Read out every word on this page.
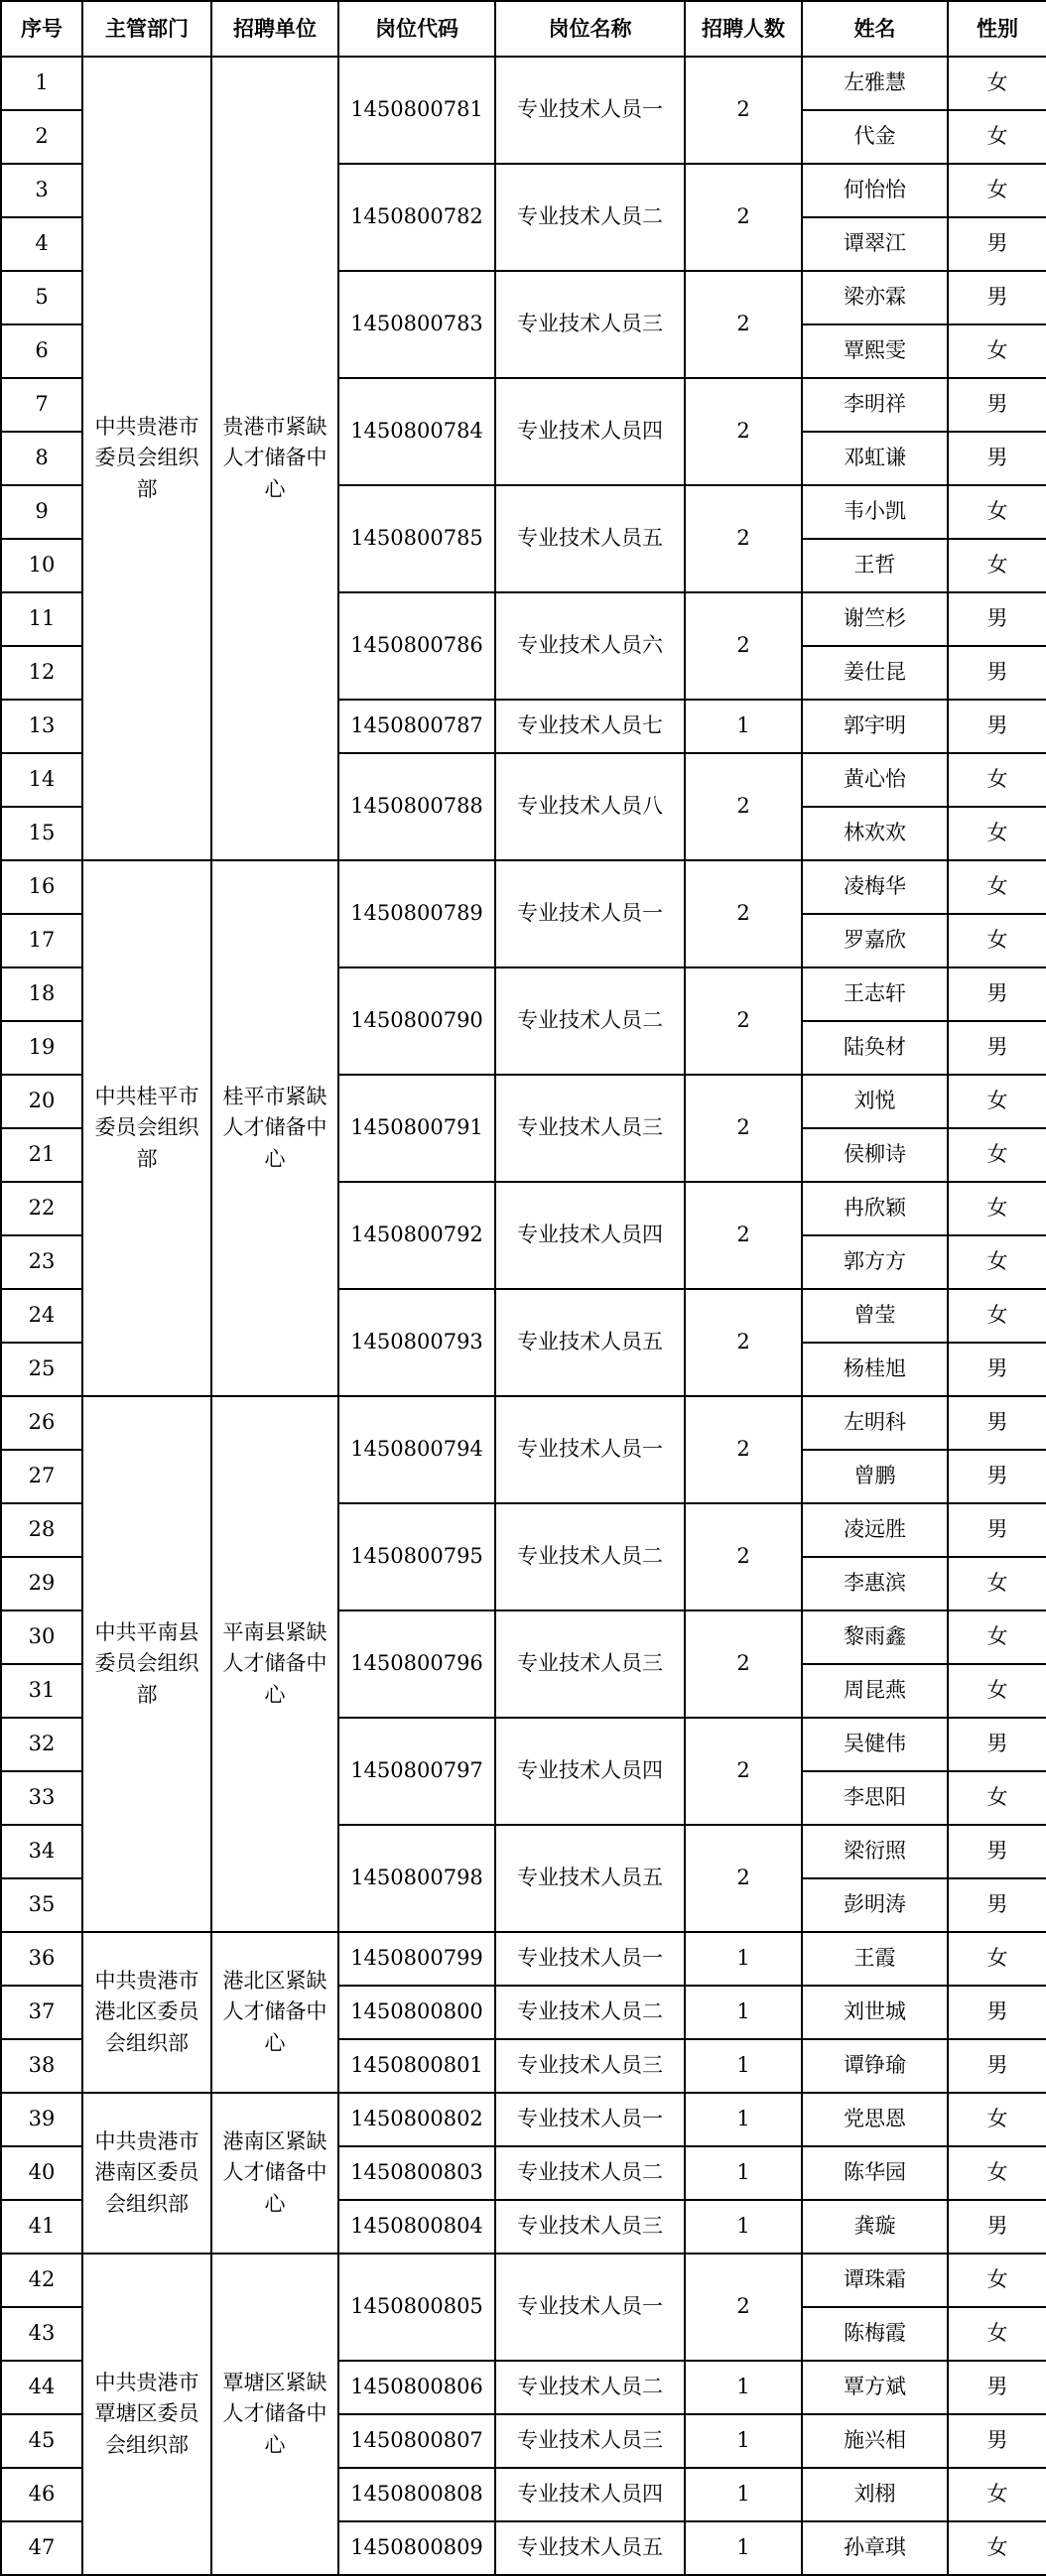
序号	主管部门	招聘单位	岗位代码	岗位名称	招聘人数	姓名	性别
1	中共贵港市委员会组织部	贵港市紧缺人才储备中心	1450800781	专业技术人员一	2	左雅慧	女
2						代金	女
3			1450800782	专业技术人员二	2	何怡怡	女
4						谭翠江	男
5			1450800783	专业技术人员三	2	梁亦霖	男
6						覃熙雯	女
7			1450800784	专业技术人员四	2	李明祥	男
8						邓虹谦	男
9			1450800785	专业技术人员五	2	韦小凯	女
10						王哲	女
11			1450800786	专业技术人员六	2	谢竺杉	男
12						姜仕昆	男
13			1450800787	专业技术人员七	1	郭宇明	男
14			1450800788	专业技术人员八	2	黄心怡	女
15						林欢欢	女
16	中共桂平市委员会组织部	桂平市紧缺人才储备中心	1450800789	专业技术人员一	2	凌梅华	女
17						罗嘉欣	女
18			1450800790	专业技术人员二	2	王志轩	男
19						陆奂材	男
20			1450800791	专业技术人员三	2	刘悦	女
21						侯柳诗	女
22			1450800792	专业技术人员四	2	冉欣颖	女
23						郭方方	女
24			1450800793	专业技术人员五	2	曾莹	女
25						杨桂旭	男
26	中共平南县委员会组织部	平南县紧缺人才储备中心	1450800794	专业技术人员一	2	左明科	男
27						曾鹏	男
28			1450800795	专业技术人员二	2	凌远胜	男
29						李惠滨	女
30			1450800796	专业技术人员三	2	黎雨鑫	女
31						周昆燕	女
32			1450800797	专业技术人员四	2	吴健伟	男
33						李思阳	女
34			1450800798	专业技术人员五	2	梁衍照	男
35						彭明涛	男
36	中共贵港市港北区委员会组织部	港北区紧缺人才储备中心	1450800799	专业技术人员一	1	王霞	女
37			1450800800	专业技术人员二	1	刘世城	男
38			1450800801	专业技术人员三	1	谭铮瑜	男
39	中共贵港市港南区委员会组织部	港南区紧缺人才储备中心	1450800802	专业技术人员一	1	党思恩	女
40			1450800803	专业技术人员二	1	陈华园	女
41			1450800804	专业技术人员三	1	龚璇	男
42	中共贵港市覃塘区委员会组织部	覃塘区紧缺人才储备中心	1450800805	专业技术人员一	2	谭珠霜	女
43						陈梅霞	女
44			1450800806	专业技术人员二	1	覃方斌	男
45			1450800807	专业技术人员三	1	施兴相	男
46			1450800808	专业技术人员四	1	刘栩	女
47			1450800809	专业技术人员五	1	孙章琪	女
